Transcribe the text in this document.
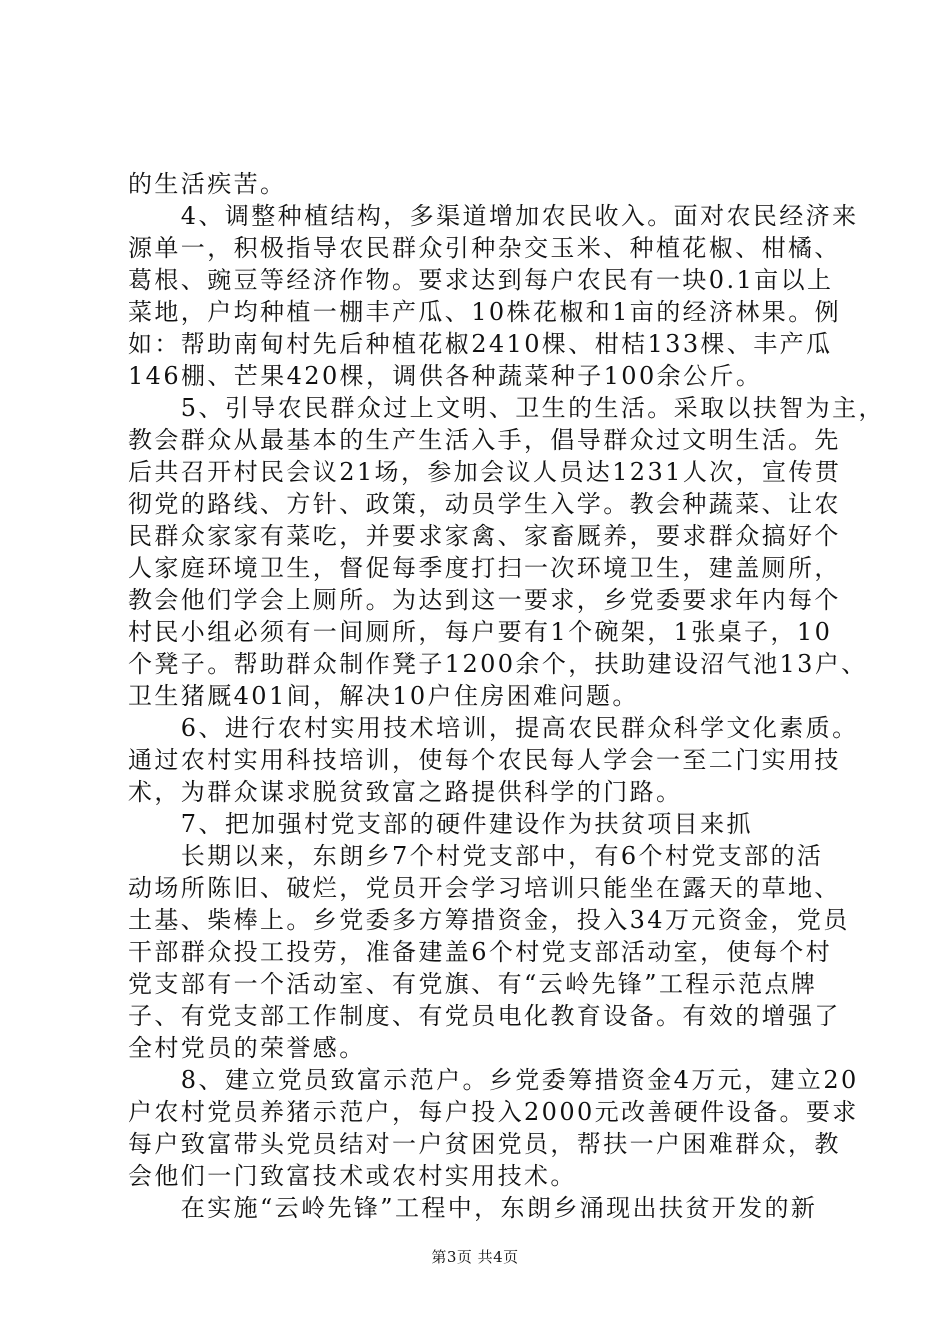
的生活疾苦。
　　4、调整种植结构，多渠道增加农民收入。面对农民经济来
源单一，积极指导农民群众引种杂交玉米、种植花椒、柑橘、
葛根、豌豆等经济作物。要求达到每户农民有一块0.1亩以上
菜地，户均种植一棚丰产瓜、10株花椒和1亩的经济林果。例
如：帮助南甸村先后种植花椒2410棵、柑桔133棵、丰产瓜
146棚、芒果420棵，调供各种蔬菜种子100余公斤。
　　5、引导农民群众过上文明、卫生的生活。采取以扶智为主，
教会群众从最基本的生产生活入手，倡导群众过文明生活。先
后共召开村民会议21场，参加会议人员达1231人次，宣传贯
彻党的路线、方针、政策，动员学生入学。教会种蔬菜、让农
民群众家家有菜吃，并要求家禽、家畜厩养，要求群众搞好个
人家庭环境卫生，督促每季度打扫一次环境卫生，建盖厕所，
教会他们学会上厕所。为达到这一要求，乡党委要求年内每个
村民小组必须有一间厕所，每户要有1个碗架，1张桌子，10
个凳子。帮助群众制作凳子1200余个，扶助建设沼气池13户、
卫生猪厩401间，解决10户住房困难问题。
　　6、进行农村实用技术培训，提高农民群众科学文化素质。
通过农村实用科技培训，使每个农民每人学会一至二门实用技
术，为群众谋求脱贫致富之路提供科学的门路。
　　7、把加强村党支部的硬件建设作为扶贫项目来抓
　　长期以来，东朗乡7个村党支部中，有6个村党支部的活
动场所陈旧、破烂，党员开会学习培训只能坐在露天的草地、
土基、柴棒上。乡党委多方筹措资金，投入34万元资金，党员
干部群众投工投劳，准备建盖6个村党支部活动室，使每个村
党支部有一个活动室、有党旗、有“云岭先锋”工程示范点牌
子、有党支部工作制度、有党员电化教育设备。有效的增强了
全村党员的荣誉感。
　　8、建立党员致富示范户。乡党委筹措资金4万元，建立20
户农村党员养猪示范户，每户投入2000元改善硬件设备。要求
每户致富带头党员结对一户贫困党员，帮扶一户困难群众，教
会他们一门致富技术或农村实用技术。
　　在实施“云岭先锋”工程中，东朗乡涌现出扶贫开发的新
第3页 共4页
